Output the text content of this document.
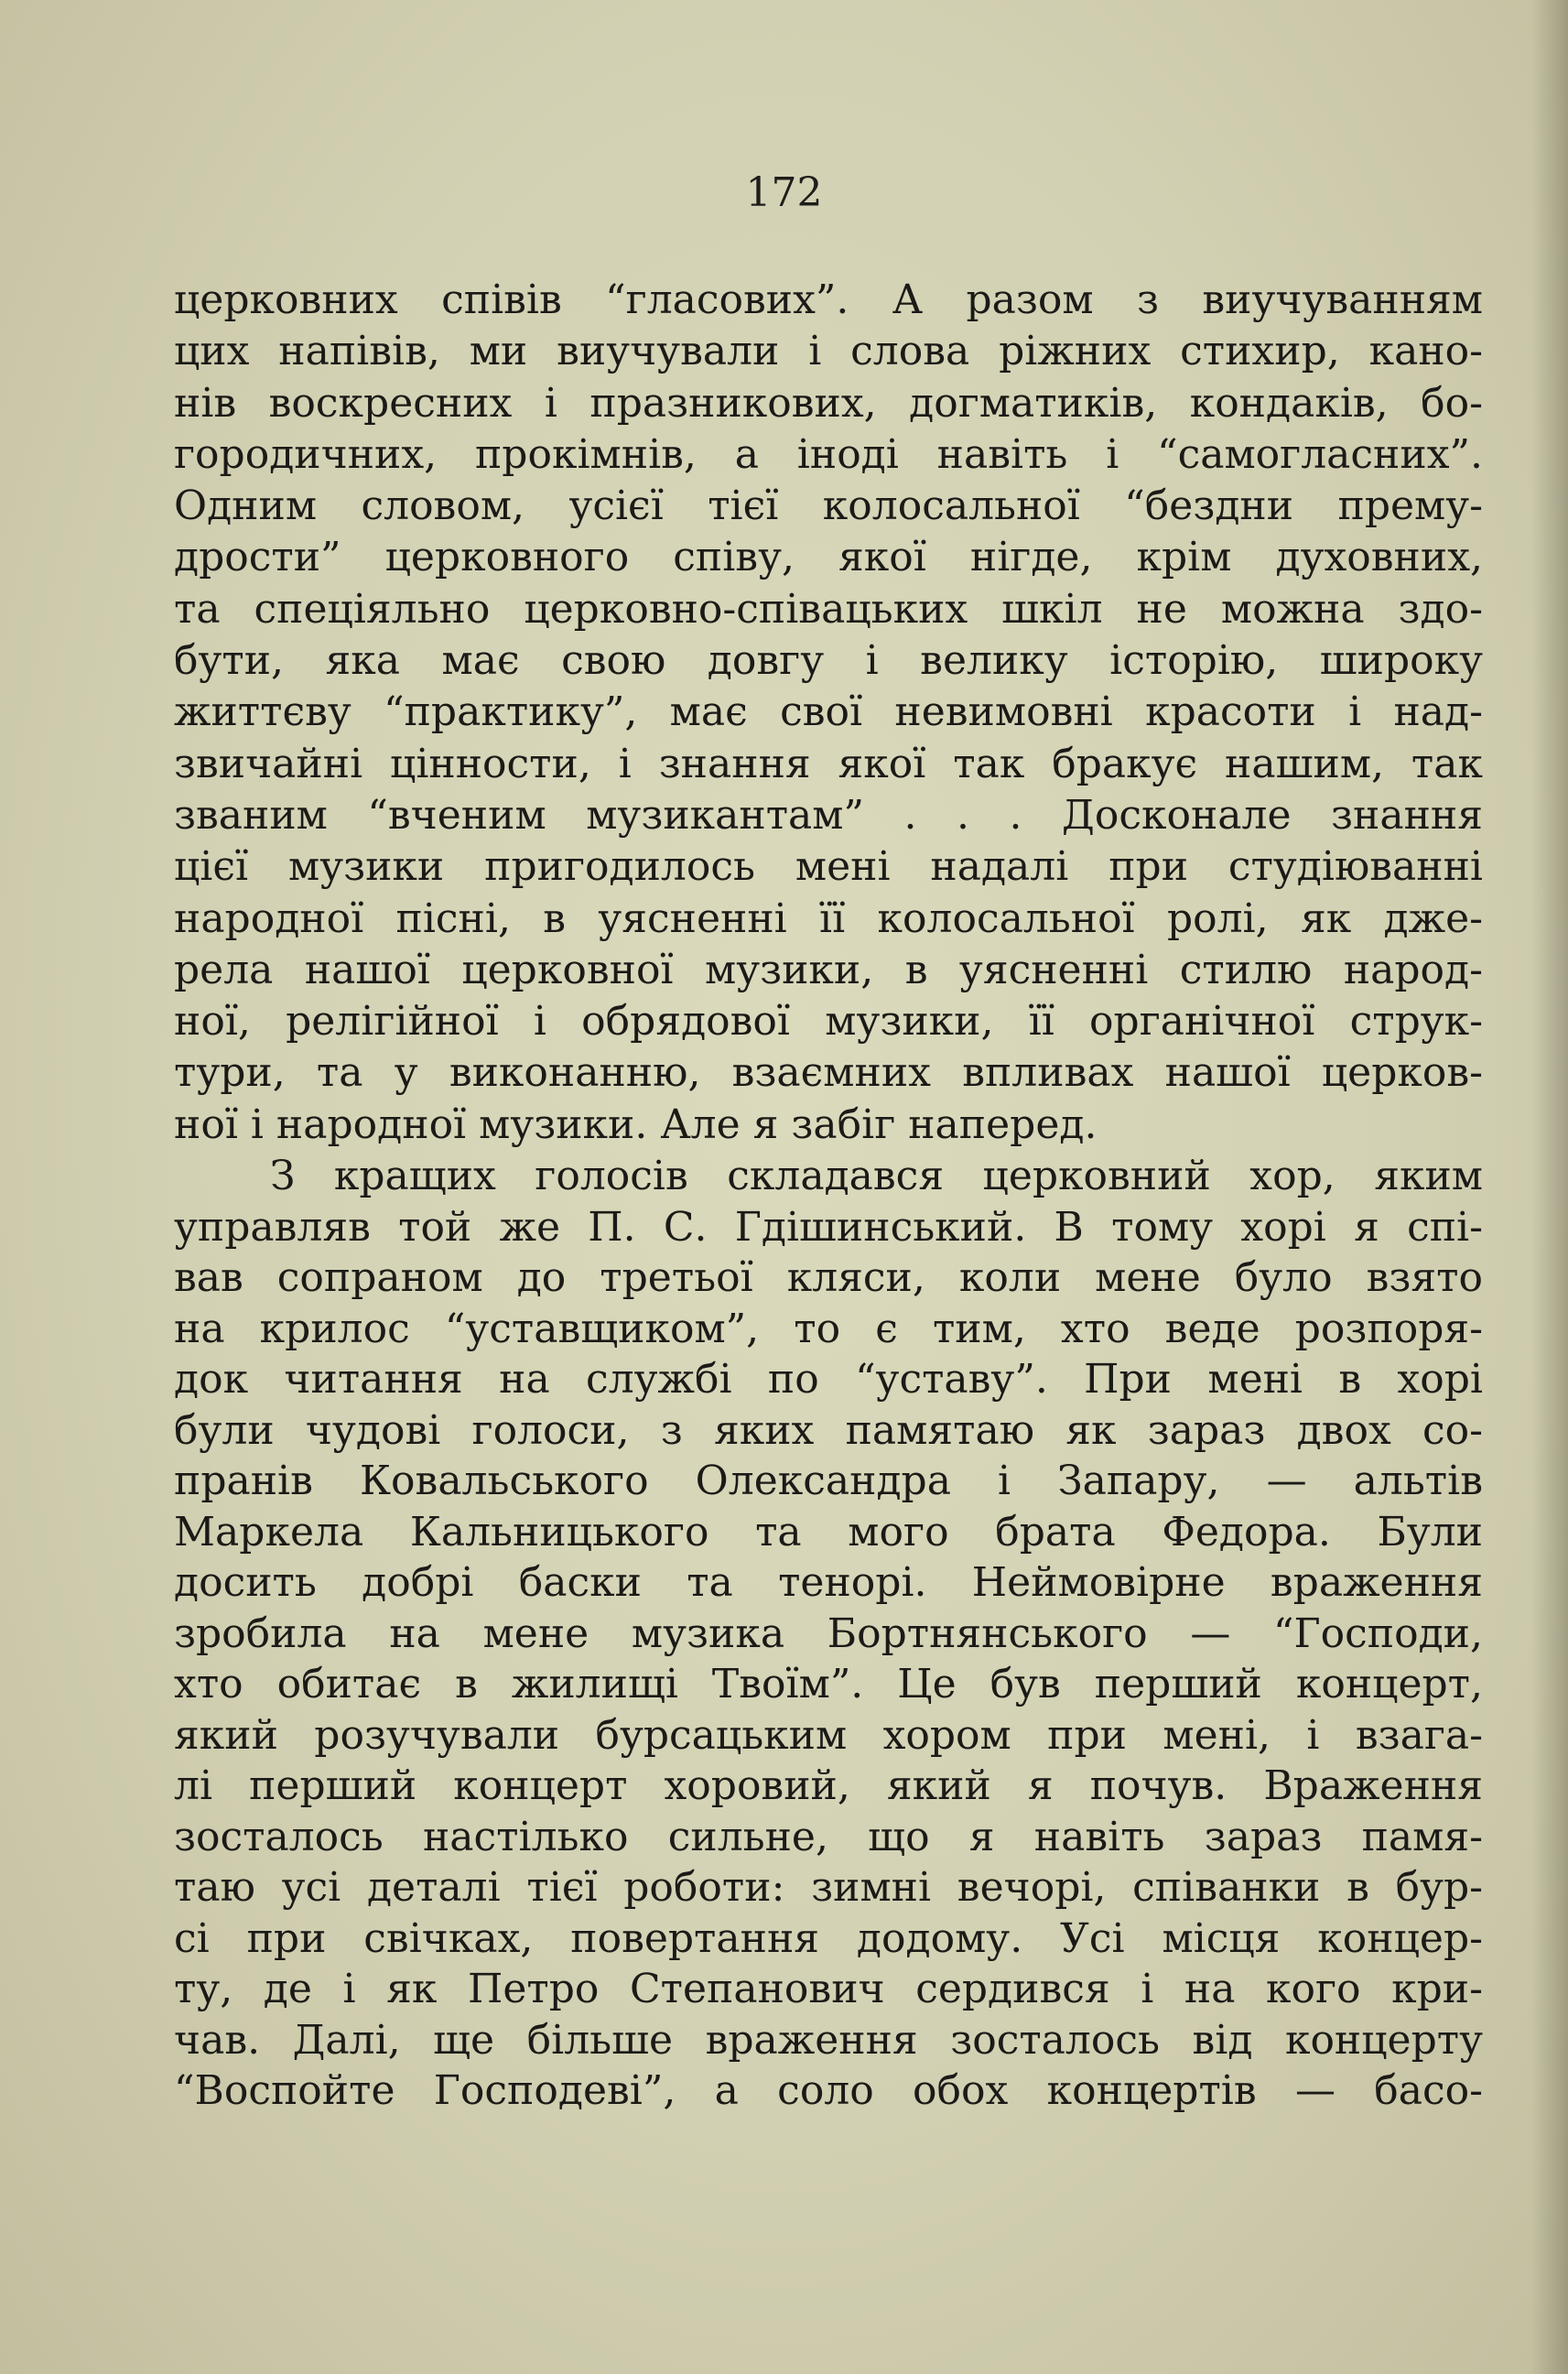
172
церковних співів “гласових”. А разом з виучуванням
цих напівів, ми виучували і слова ріжних стихир, кано-
нів воскресних і празникових, догматиків, кондаків, бо-
городичних, прокімнів, а іноді навіть і “самогласних”.
Одним словом, усієї тієї колосальної “бездни прему-
дрости” церковного співу, якої нігде, крім духовних,
та спеціяльно церковно-співацьких шкіл не можна здо-
бути, яка має свою довгу і велику історію, широку
життєву “практику”, має свої невимовні красоти і над-
звичайні цінности, і знання якої так бракує нашим, так
званим “вченим музикантам” . . . Досконале знання
цієї музики пригодилось мені надалі при студіюванні
народної пісні, в уясненні її колосальної ролі, як дже-
рела нашої церковної музики, в уясненні стилю народ-
ної, релігійної і обрядової музики, її органічної струк-
тури, та у виконанню, взаємних впливах нашої церков-
ної і народної музики. Але я забіг наперед.
З кращих голосів складався церковний хор, яким
управляв той же П. С. Гдішинський. В тому хорі я спі-
вав сопраном до третьої кляси, коли мене було взято
на крилос “уставщиком”, то є тим, хто веде розпоря-
док читання на службі по “уставу”. При мені в хорі
були чудові голоси, з яких памятаю як зараз двох со-
пранів Ковальського Олександра і Запару, — альтів
Маркела Кальницького та мого брата Федора. Були
досить добрі баски та тенорі. Неймовірне враження
зробила на мене музика Бортнянського — “Господи,
хто обитає в жилищі Твоїм”. Це був перший концерт,
який розучували бурсацьким хором при мені, і взага-
лі перший концерт хоровий, який я почув. Враження
зосталось настілько сильне, що я навіть зараз памя-
таю усі деталі тієї роботи: зимні вечорі, співанки в бур-
сі при свічках, повертання додому. Усі місця концер-
ту, де і як Петро Степанович сердився і на кого кри-
чав. Далі, ще більше враження зосталось від концерту
“Воспойте Господеві”, а соло обох концертів — басо-
